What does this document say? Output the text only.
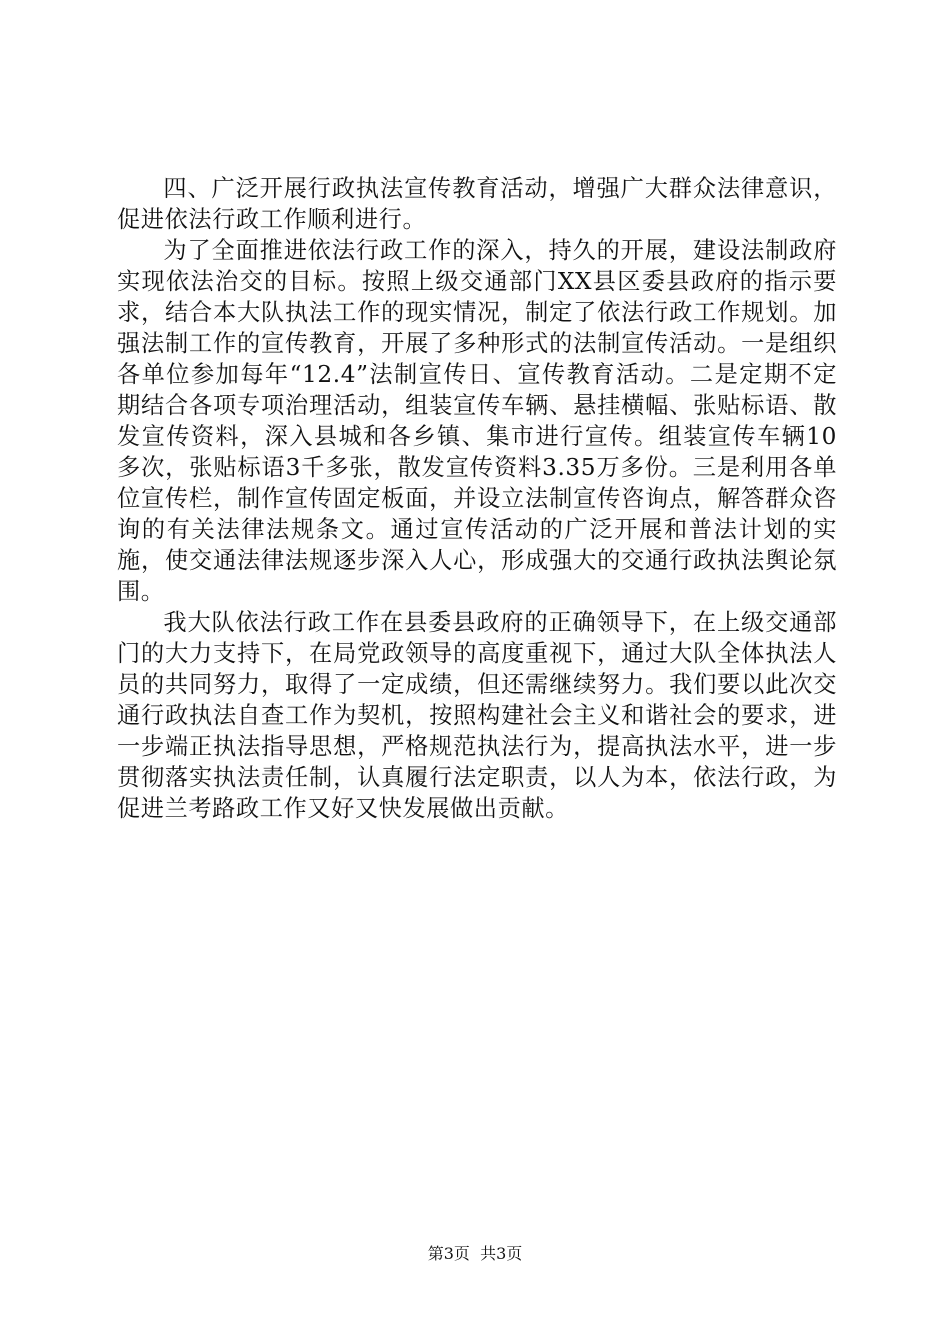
四、广泛开展行政执法宣传教育活动，增强广大群众法律意识，促进依法行政工作顺利进行。

为了全面推进依法行政工作的深入，持久的开展，建设法制政府实现依法治交的目标。按照上级交通部门XX县区委县政府的指示要求，结合本大队执法工作的现实情况，制定了依法行政工作规划。加强法制工作的宣传教育，开展了多种形式的法制宣传活动。一是组织各单位参加每年“12.4”法制宣传日、宣传教育活动。二是定期不定期结合各项专项治理活动，组装宣传车辆、悬挂横幅、张贴标语、散发宣传资料，深入县城和各乡镇、集市进行宣传。组装宣传车辆10多次，张贴标语3千多张，散发宣传资料3.35万多份。三是利用各单位宣传栏，制作宣传固定板面，并设立法制宣传咨询点，解答群众咨询的有关法律法规条文。通过宣传活动的广泛开展和普法计划的实施，使交通法律法规逐步深入人心，形成强大的交通行政执法舆论氛围。

我大队依法行政工作在县委县政府的正确领导下，在上级交通部门的大力支持下，在局党政领导的高度重视下，通过大队全体执法人员的共同努力，取得了一定成绩，但还需继续努力。我们要以此次交通行政执法自查工作为契机，按照构建社会主义和谐社会的要求，进一步端正执法指导思想，严格规范执法行为，提高执法水平，进一步贯彻落实执法责任制，认真履行法定职责，以人为本，依法行政，为促进兰考路政工作又好又快发展做出贡献。

第3页  共3页
